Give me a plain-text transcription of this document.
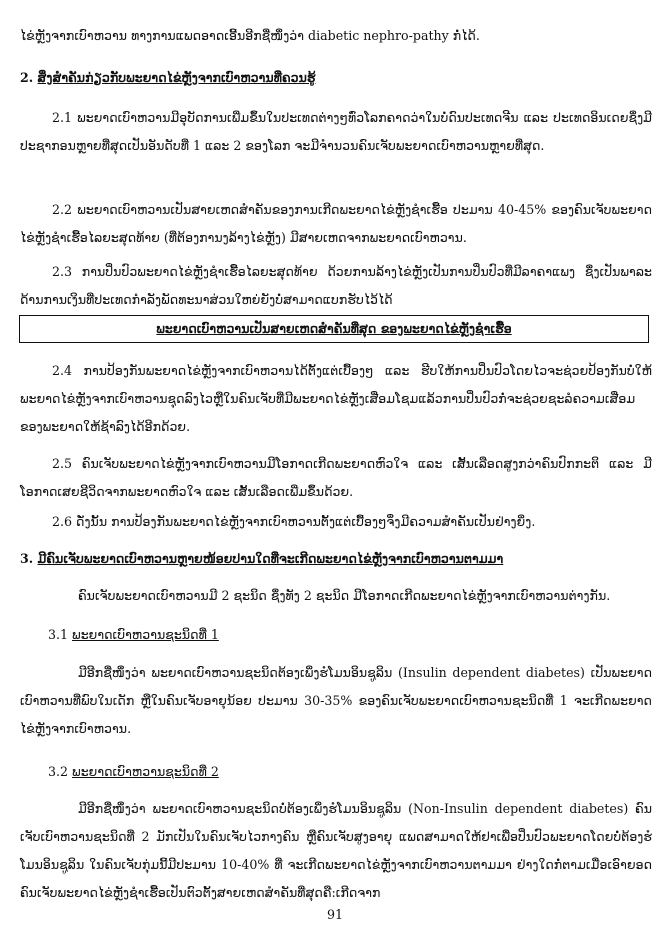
ໄຂ່ຫຼັງຈາກເບົາຫວານ ທາງການແພດອາດເອີ້ນອີກຊື່ໜຶ່ງວ່າ diabetic nephro-pathy ກໍ່ໄດ້.

2. ສິ່ງສຳຄັນກ່ຽວກັບພະຍາດໄຂ່ຫຼັງຈາກເບົາຫວານທີ່ຄວນຮູ້

2.1 ພະຍາດເບົາຫວານມີອຸບັດການເພີ່ມຂຶ້ນໃນປະເທດຕ່າງໆທົ່ວໂລກຄາດວ່າໃນບໍ່ດົນປະເທດຈີນ ແລະ ປະເທດອິນເດຍຊຶ່ງມີປະຊາກອນຫຼາຍທີ່ສຸດເປັນອັນດັບທີ່ 1 ແລະ 2 ຂອງໂລກ ຈະມີຈຳນວນຄົນເຈັບພະຍາດເບົາຫວານຫຼາຍທີ່ສຸດ.

2.2 ພະຍາດເບົາຫວານເປັນສາຍເຫດສຳຄັນຂອງການເກີດພະຍາດໄຂ່ຫຼັງຊຳເຮື້ອ ປະມານ 40-45% ຂອງຄົນເຈັບພະຍາດໄຂ່ຫຼັງຊຳເຮື້ອໄລຍະສຸດທ້າຍ (ທີ່ຕ້ອງການງລ້າງໄຂ່ຫຼັງ) ມີສາຍເຫດຈາກພະຍາດເບົາຫວານ.

2.3 ການປິ່ນປົວພະຍາດໄຂ່ຫຼັງຊຳເຮື້ອໄລຍະສຸດທ້າຍ ດ້ວຍການລ້າງໄຂ່ຫຼັງເປັນການປິ່ນປົວທີ່ມີລາຄາແພງ ຊຶ່ງເປັນພາລະດ້ານການເງິນທີ່ປະເທດກຳລັງພັດທະນາສ່ວນໃຫຍ່ຍັງບໍ່ສາມາດແບກຮັບໄວ້ໄດ້

ພະຍາດເບົາຫວານເປັນສາຍເຫດສຳຄັນທີ່ສຸດ ຂອງພະຍາດໄຂ່ຫຼັງຊຳເຮື້ອ

2.4 ການປ້ອງກັນພະຍາດໄຂ່ຫຼັງຈາກເບົາຫວານໄດ້ຕັ້ງແຕ່ເບື້ອງໆ ແລະ ຮີບໃຫ້ການປິ່ນປົວໂດຍໄວຈະຊ່ວຍປ້ອງກັນບໍ່ໃຫ້ພະຍາດໄຂ່ຫຼັງຈາກເບົາຫວານຊຸດລົງໄວຫຼືໃນຄົນເຈັບທີ່ມີພະຍາດໄຂ່ຫຼັງເສື່ອມໂຊມແລ້ວການປິ່ນປົວກໍ່ຈະຊ່ວຍຊະລໍຄວາມເສື່ອມຂອງພະຍາດໃຫ້ຊ້າລົງໄດ້ອີກດ້ວຍ.

2.5 ຄົນເຈັບພະຍາດໄຂ່ຫຼັງຈາກເບົາຫວານມີໂອກາດເກີດພະຍາດຫົວໃຈ ແລະ ເສັ້ນເລືອດສູງກວ່າຄົນປົກກະຕິ ແລະ ມີໂອກາດເສຍຊີວິດຈາກພະຍາດຫົວໃຈ ແລະ ເສັ້ນເລືອດເພີ່ມຂຶ້ນດ້ວຍ.

2.6 ດັ່ງນັ້ນ ການປ້ອງກັນພະຍາດໄຂ່ຫຼັງຈາກເບົາຫວານຕັ້ງແຕ່ເບື້ອງໆຈຶ່ງມີຄວາມສຳຄັນເປັນຢ່າງຍິ່ງ.

3. ມີຄົນເຈັບພະຍາດເບົາຫວານຫຼາຍໜ້ອຍປານໃດທີ່ຈະເກີດພະຍາດໄຂ່ຫຼັງຈາກເບົາຫວານຕາມມາ

ຄົນເຈັບພະຍາດເບົາຫວານມີ 2 ຊະນິດ ຊຶ່ງທັງ 2 ຊະນິດ ມີໂອກາດເກີດພະຍາດໄຂ່ຫຼັງຈາກເບົາຫວານຕ່າງກັນ.

3.1 ພະຍາດເບົາຫວານຊະນິດທີ່ 1

ມີອີກຊື່ໜຶ່ງວ່າ ພະຍາດເບົາຫວານຊະນິດຕ້ອງເພິ່ງຮໍໂມນອິນຊູລິນ (Insulin dependent diabetes) ເປັນພະຍາດເບົາຫວານທີ່ພົບໃນເດັກ ຫຼືໃນຄົນເຈັບອາຍຸນ້ອຍ ປະມານ 30-35% ຂອງຄົນເຈັບພະຍາດເບົາຫວານຊະນິດທີ່ 1 ຈະເກີດພະຍາດໄຂ່ຫຼັງຈາກເບົາຫວານ.

3.2 ພະຍາດເບົາຫວານຊະນິດທີ່ 2

ມີອີກຊື່ໜຶ່ງວ່າ ພະຍາດເບົາຫວານຊະນິດບໍ່ຕ້ອງເພິ່ງຮໍໂມນອິນຊູລິນ (Non-Insulin dependent diabetes) ຄົນເຈັບເບົາຫວານຊະນິດທີ່ 2 ມັກເປັນໃນຄົນເຈັບໄວກາງຄົນ ຫຼືຄົນເຈັບສູງອາຍຸ ແພດສາມາດໃຫ້ຢາເພື່ອປິ່ນປົວພະຍາດໂດຍບໍ່ຕ້ອງຮໍໂມນອິນຊູລິນ ໃນຄົນເຈັບກຸ່ມນີ້ມີປະມານ 10-40% ທີ່ ຈະເກີດພະຍາດໄຂ່ຫຼັງຈາກເບົາຫວານຕາມມາ ຢ່າງໃດກໍ່ຕາມເມື່ອເອົາຍອດຄົນເຈັບພະຍາດໄຂ່ຫຼັງຊຳເຮື້ອເປັນຕົວຕັ້ງສາຍເຫດສຳຄັນທີ່ສຸດຄື:ເກີດຈາກ

91
